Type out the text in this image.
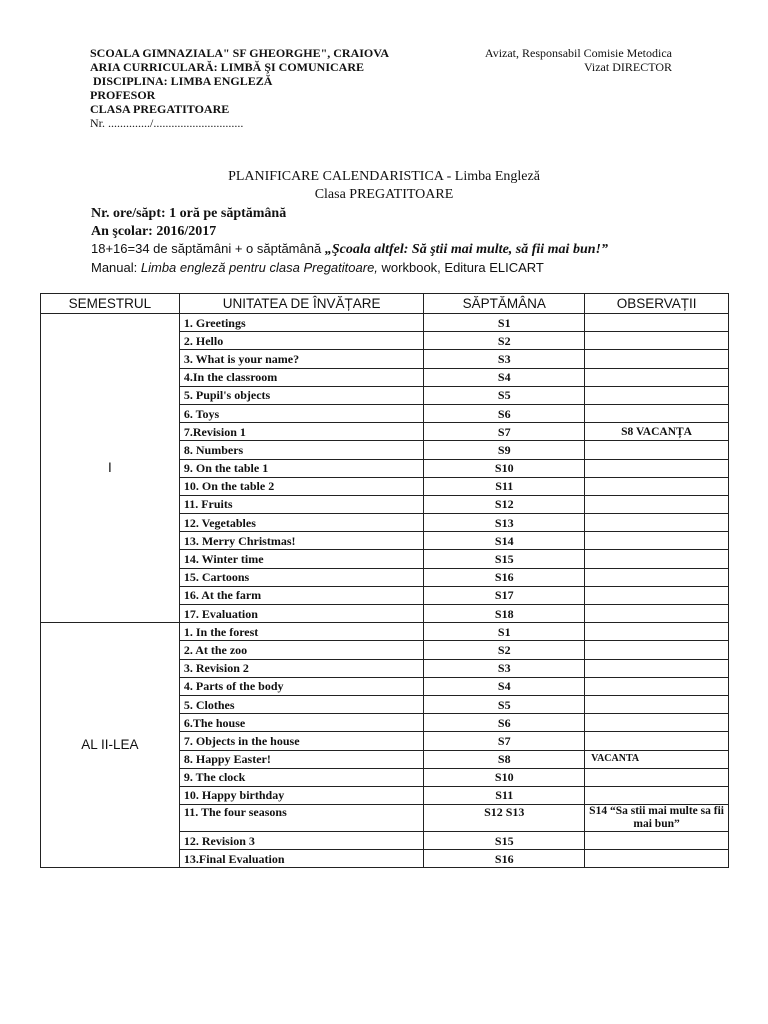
SCOALA GIMNAZIALA" SF GHEORGHE", CRAIOVA
ARIA CURRICULARĂ: LIMBĂ ŞI COMUNICARE
DISCIPLINA: LIMBA ENGLEZĂ
PROFESOR
CLASA PREGATITOARE
Nr. ............../..............................
Avizat, Responsabil Comisie Metodica
Vizat DIRECTOR
PLANIFICARE CALENDARISTICA - Limba Engleză
Clasa PREGATITOARE
Nr. ore/săpt: 1 oră pe săptămână
An şcolar: 2016/2017
18+16=34 de săptămâni + o săptămână „Şcoala altfel: Să ştii mai multe, să fii mai bun!”
Manual: Limba engleză pentru clasa Pregatitoare, workbook, Editura ELICART
SEMESTRUL	UNITATEA DE ÎNVĂȚARE	SĂPTĂMÂNA	OBSERVAȚII
I	1. Greetings	S1	
	2. Hello	S2	
	3. What is your name?	S3	
	4.In the classroom	S4	
	5. Pupil's objects	S5	
	6. Toys	S6	
	7.Revision 1	S7	S8 VACANȚA
	8. Numbers	S9	
	9. On the table 1	S10	
	10. On the table 2	S11	
	11. Fruits	S12	
	12. Vegetables	S13	
	13. Merry Christmas!	S14	
	14. Winter time	S15	
	15. Cartoons	S16	
	16. At the farm	S17	
	17. Evaluation	S18	
AL II-LEA	1. In the forest	S1	
	2. At the zoo	S2	
	3. Revision 2	S3	
	4. Parts of the body	S4	
	5. Clothes	S5	
	6.The house	S6	
	7. Objects in the house	S7	
	8. Happy Easter!	S8	VACANTA
	9. The clock	S10	
	10. Happy birthday	S11	
	11. The four seasons	S12 S13	S14 “Sa stii mai multe sa fii mai bun”
	12. Revision 3	S15	
	13.Final Evaluation	S16	
